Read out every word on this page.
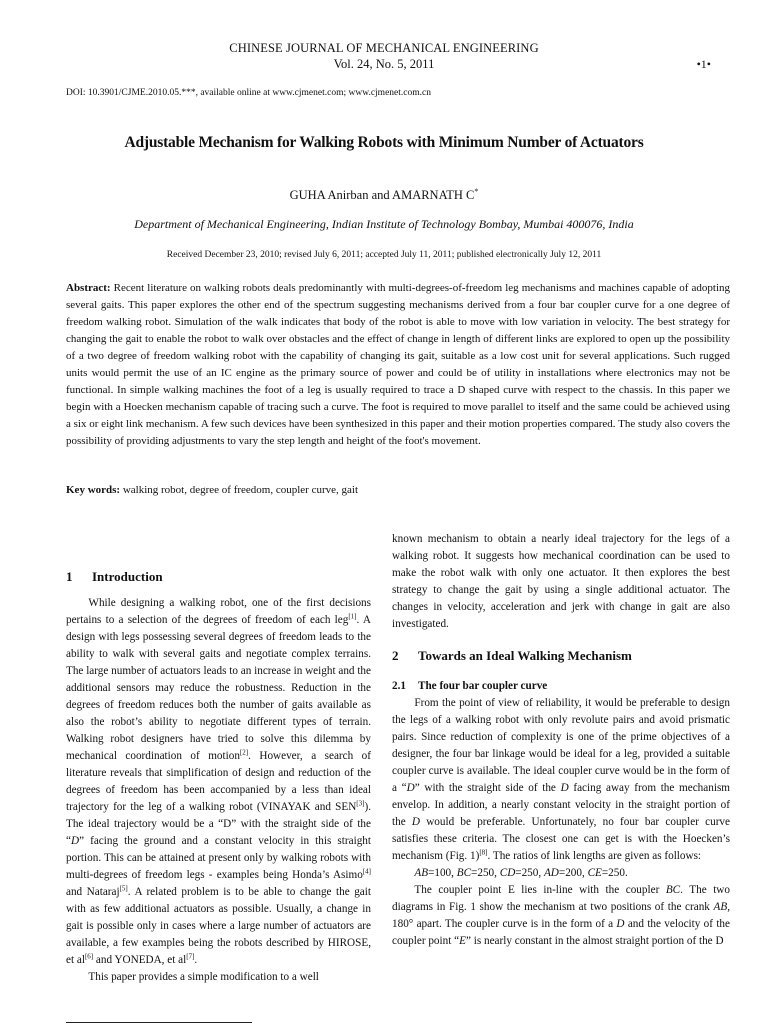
CHINESE JOURNAL OF MECHANICAL ENGINEERING
Vol. 24, No. 5, 2011	•1•
DOI: 10.3901/CJME.2010.05.***, available online at www.cjmenet.com; www.cjmenet.com.cn
Adjustable Mechanism for Walking Robots with Minimum Number of Actuators
GUHA Anirban and AMARNATH C*
Department of Mechanical Engineering, Indian Institute of Technology Bombay, Mumbai 400076, India
Received December 23, 2010; revised July 6, 2011; accepted July 11, 2011; published electronically July 12, 2011
Abstract: Recent literature on walking robots deals predominantly with multi-degrees-of-freedom leg mechanisms and machines capable of adopting several gaits. This paper explores the other end of the spectrum suggesting mechanisms derived from a four bar coupler curve for a one degree of freedom walking robot. Simulation of the walk indicates that body of the robot is able to move with low variation in velocity. The best strategy for changing the gait to enable the robot to walk over obstacles and the effect of change in length of different links are explored to open up the possibility of a two degree of freedom walking robot with the capability of changing its gait, suitable as a low cost unit for several applications. Such rugged units would permit the use of an IC engine as the primary source of power and could be of utility in installations where electronics may not be functional. In simple walking machines the foot of a leg is usually required to trace a D shaped curve with respect to the chassis. In this paper we begin with a Hoecken mechanism capable of tracing such a curve. The foot is required to move parallel to itself and the same could be achieved using a six or eight link mechanism. A few such devices have been synthesized in this paper and their motion properties compared. The study also covers the possibility of providing adjustments to vary the step length and height of the foot's movement.
Key words: walking robot, degree of freedom, coupler curve, gait
1 Introduction

While designing a walking robot, one of the first decisions pertains to a selection of the degrees of freedom of each leg[1]. A design with legs possessing several degrees of freedom leads to the ability to walk with several gaits and negotiate complex terrains. The large number of actuators leads to an increase in weight and the additional sensors may reduce the robustness. Reduction in the degrees of freedom reduces both the number of gaits available as also the robot’s ability to negotiate different types of terrain. Walking robot designers have tried to solve this dilemma by mechanical coordination of motion[2]. However, a search of literature reveals that simplification of design and reduction of the degrees of freedom has been accompanied by a less than ideal trajectory for the leg of a walking robot (VINAYAK and SEN[3]). The ideal trajectory would be a “D” with the straight side of the “D” facing the ground and a constant velocity in this straight portion. This can be attained at present only by walking robots with multi-degrees of freedom legs - examples being Honda’s Asimo[4] and Nataraj[5]. A related problem is to be able to change the gait with as few additional actuators as possible. Usually, a change in gait is possible only in cases where a large number of actuators are available, a few examples being the robots described by HIROSE, et al[6] and YONEDA, et al[7].

This paper provides a simple modification to a well

known mechanism to obtain a nearly ideal trajectory for the legs of a walking robot. It suggests how mechanical coordination can be used to make the robot walk with only one actuator. It then explores the best strategy to change the gait by using a single additional actuator. The changes in velocity, acceleration and jerk with change in gait are also investigated.

2 Towards an Ideal Walking Mechanism
2.1 The four bar coupler curve

From the point of view of reliability, it would be preferable to design the legs of a walking robot with only revolute pairs and avoid prismatic pairs. Since reduction of complexity is one of the prime objectives of a designer, the four bar linkage would be ideal for a leg, provided a suitable coupler curve is available. The ideal coupler curve would be in the form of a “D” with the straight side of the D facing away from the mechanism envelop. In addition, a nearly constant velocity in the straight portion of the D would be preferable. Unfortunately, no four bar coupler curve satisfies these criteria. The closest one can get is with the Hoecken’s mechanism (Fig. 1)[8]. The ratios of link lengths are given as follows:

AB=100, BC=250, CD=250, AD=200, CE=250.

The coupler point E lies in-line with the coupler BC. The two diagrams in Fig. 1 show the mechanism at two positions of the crank AB, 180° apart. The coupler curve is in the form of a D and the velocity of the coupler point “E” is nearly constant in the almost straight portion of the D
